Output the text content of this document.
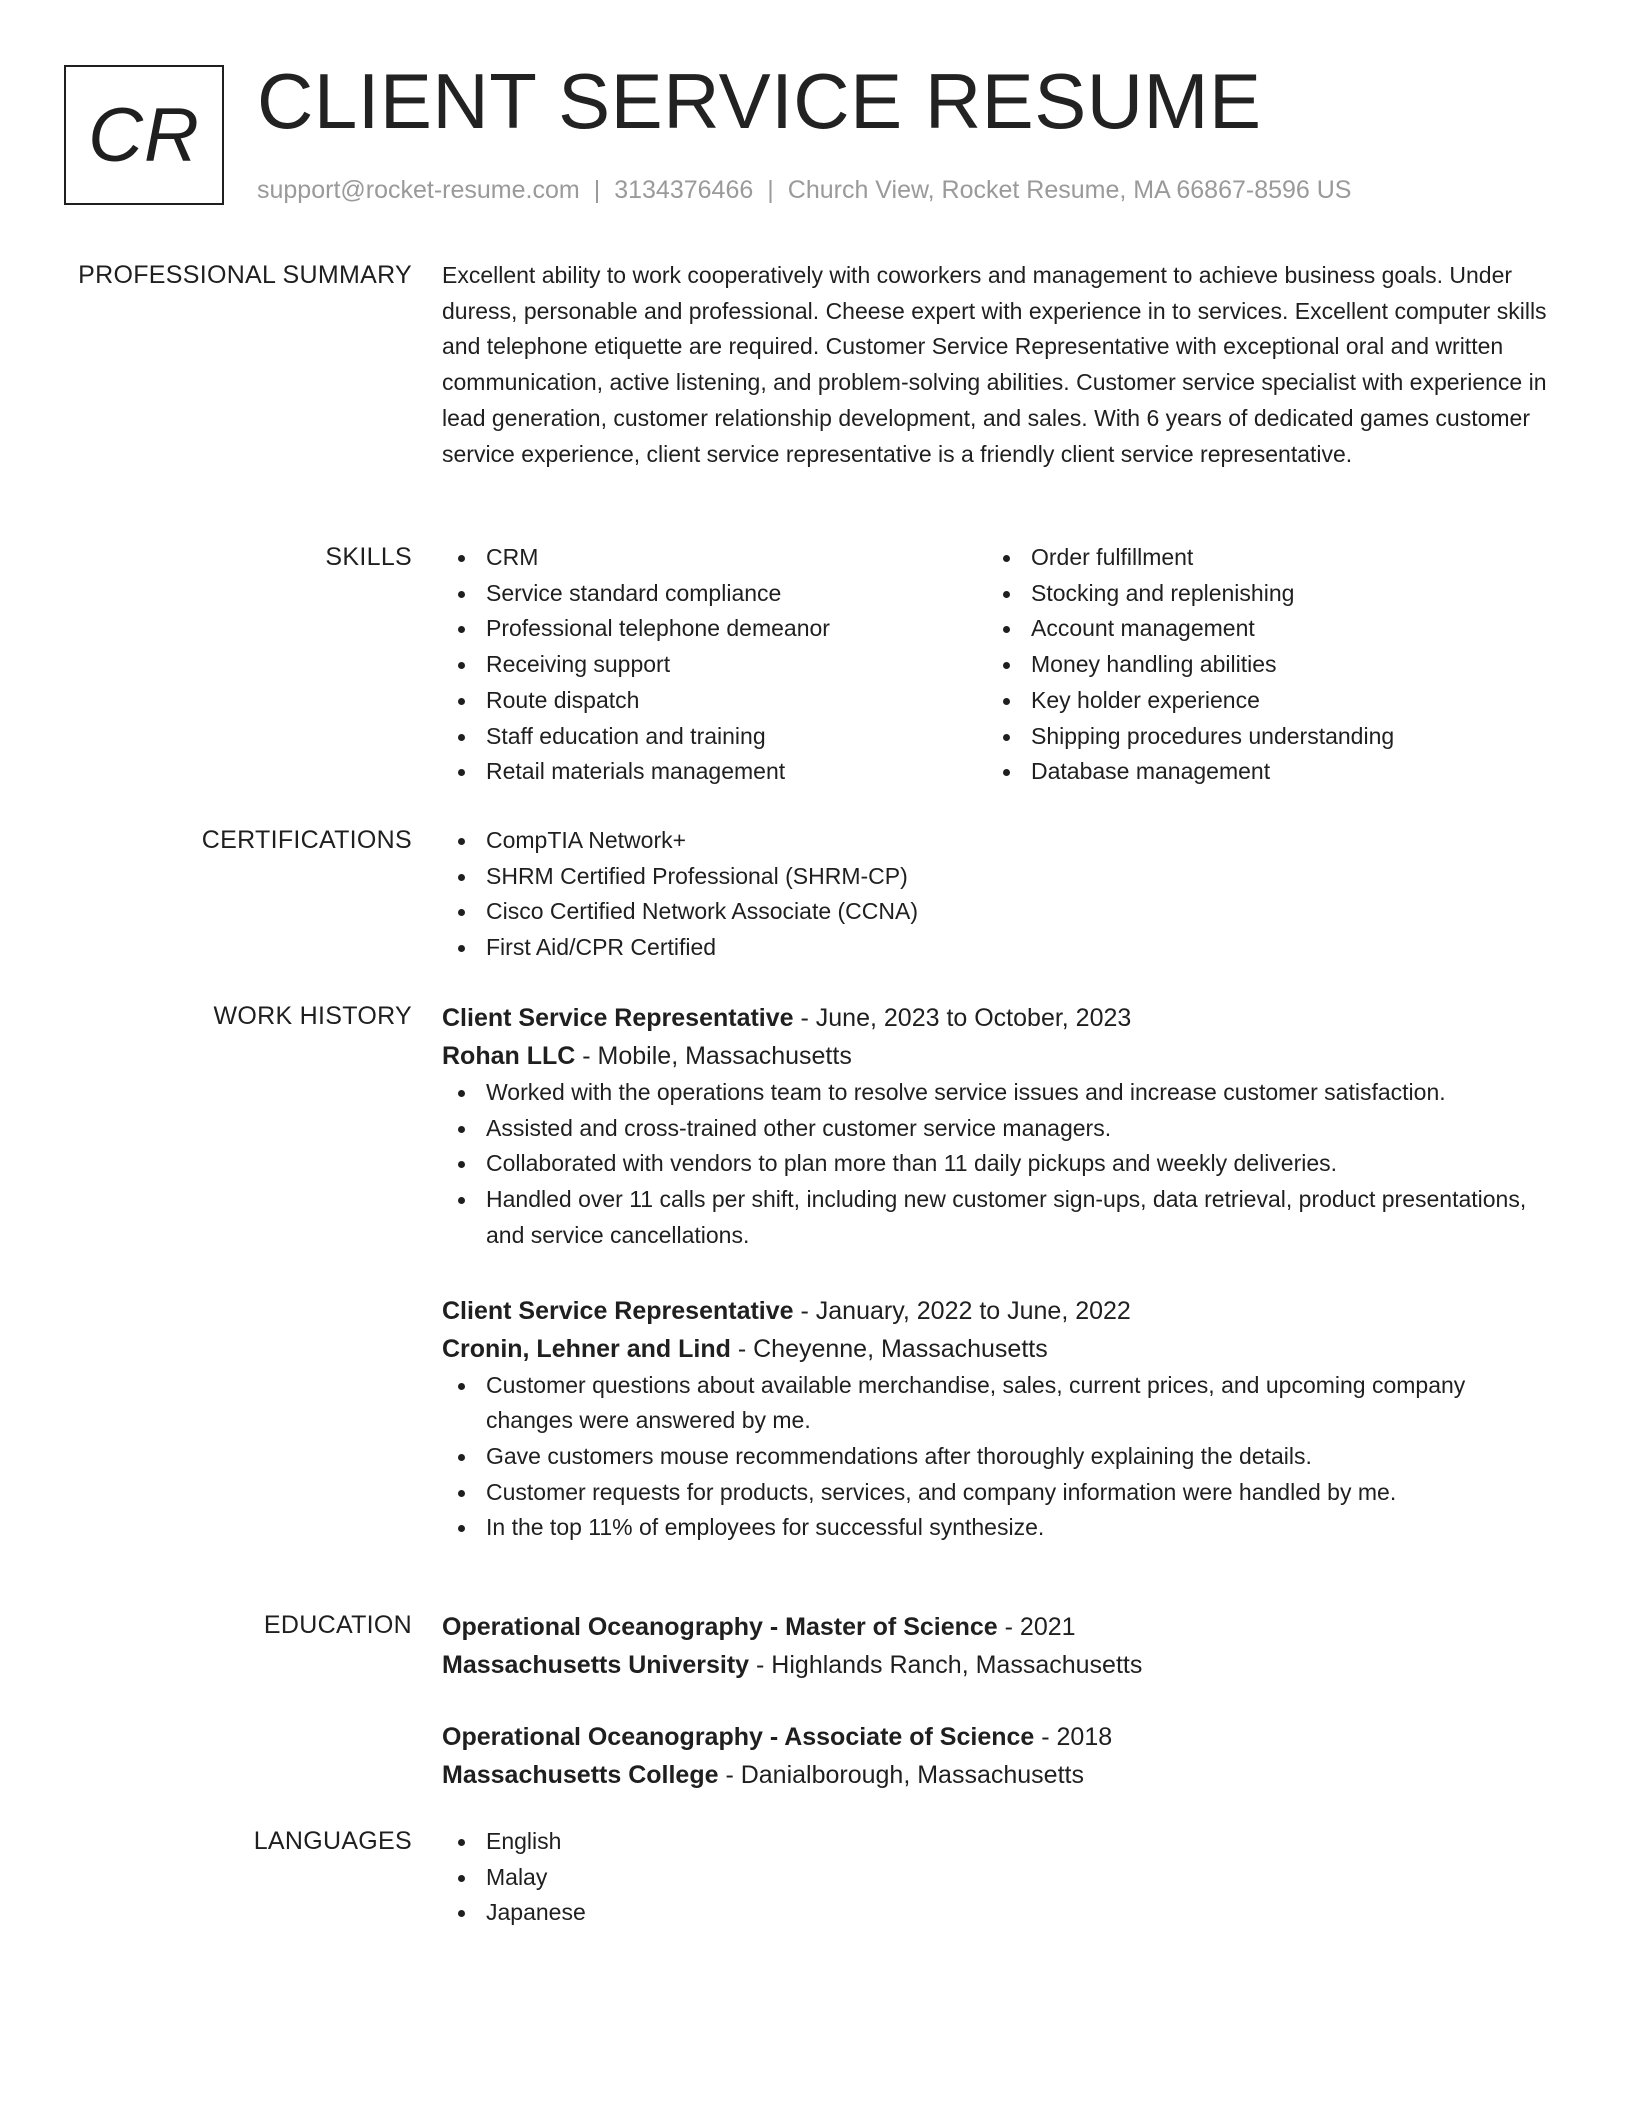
CR CLIENT SERVICE RESUME
support@rocket-resume.com | 3134376466 | Church View, Rocket Resume, MA 66867-8596 US
PROFESSIONAL SUMMARY Excellent ability to work cooperatively with coworkers and management to achieve business goals. Under duress, personable and professional. Cheese expert with experience in to services. Excellent computer skills and telephone etiquette are required. Customer Service Representative with exceptional oral and written communication, active listening, and problem-solving abilities. Customer service specialist with experience in lead generation, customer relationship development, and sales. With 6 years of dedicated games customer service experience, client service representative is a friendly client service representative.

SKILLS	CRM
Service standard compliance
Professional telephone demeanor
Receiving support
Route dispatch
Staff education and training
Retail materials management
Order fulfillment
Stocking and replenishing
Account management
Money handling abilities
Key holder experience
Shipping procedures understanding
Database management
CERTIFICATIONS	CompTIA Network+
SHRM Certified Professional (SHRM-CP)
Cisco Certified Network Associate (CCNA)
First Aid/CPR Certified
WORK HISTORY Client Service Representative - June, 2023 to October, 2023
Rohan LLC - Mobile, Massachusetts
Worked with the operations team to resolve service issues and increase customer satisfaction.
Assisted and cross-trained other customer service managers.
Collaborated with vendors to plan more than 11 daily pickups and weekly deliveries.
Handled over 11 calls per shift, including new customer sign-ups, data retrieval, product presentations, and service cancellations.
Client Service Representative - January, 2022 to June, 2022
Cronin, Lehner and Lind - Cheyenne, Massachusetts
Customer questions about available merchandise, sales, current prices, and upcoming company changes were answered by me.
Gave customers mouse recommendations after thoroughly explaining the details.
Customer requests for products, services, and company information were handled by me.
In the top 11% of employees for successful synthesize.
EDUCATION Operational Oceanography - Master of Science - 2021
Massachusetts University - Highlands Ranch, Massachusetts
Operational Oceanography - Associate of Science - 2018
Massachusetts College - Danialborough, Massachusetts
LANGUAGES	English
Malay
Japanese
